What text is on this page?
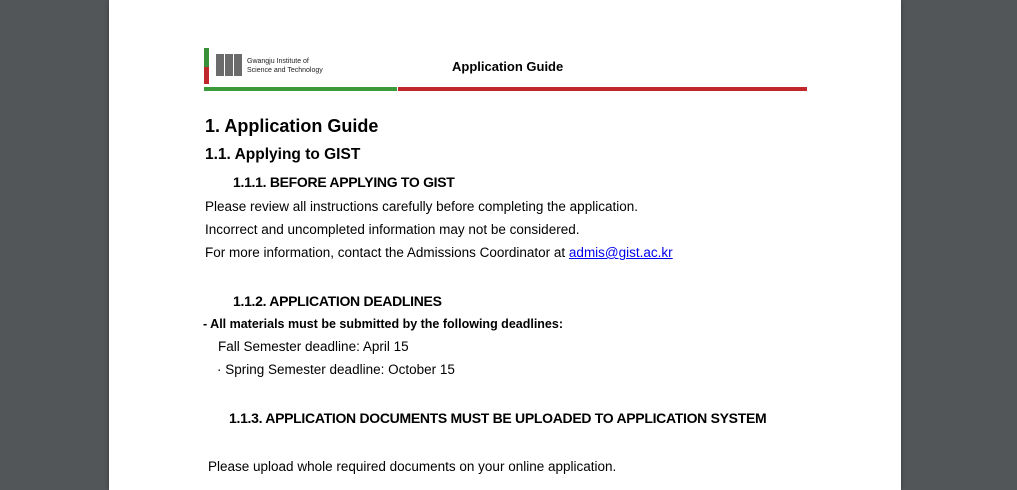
Gwangju Institute of
Science and Technology	Application Guide
1. Application Guide
1.1. Applying to GIST
1.1.1. BEFORE APPLYING TO GIST
Please review all instructions carefully before completing the application.
Incorrect and uncompleted information may not be considered.
For more information, contact the Admissions Coordinator at admis@gist.ac.kr
1.1.2. APPLICATION DEADLINES
- All materials must be submitted by the following deadlines:
Fall Semester deadline: April 15
· Spring Semester deadline: October 15
1.1.3. APPLICATION DOCUMENTS MUST BE UPLOADED TO APPLICATION SYSTEM
Please upload whole required documents on your online application.
